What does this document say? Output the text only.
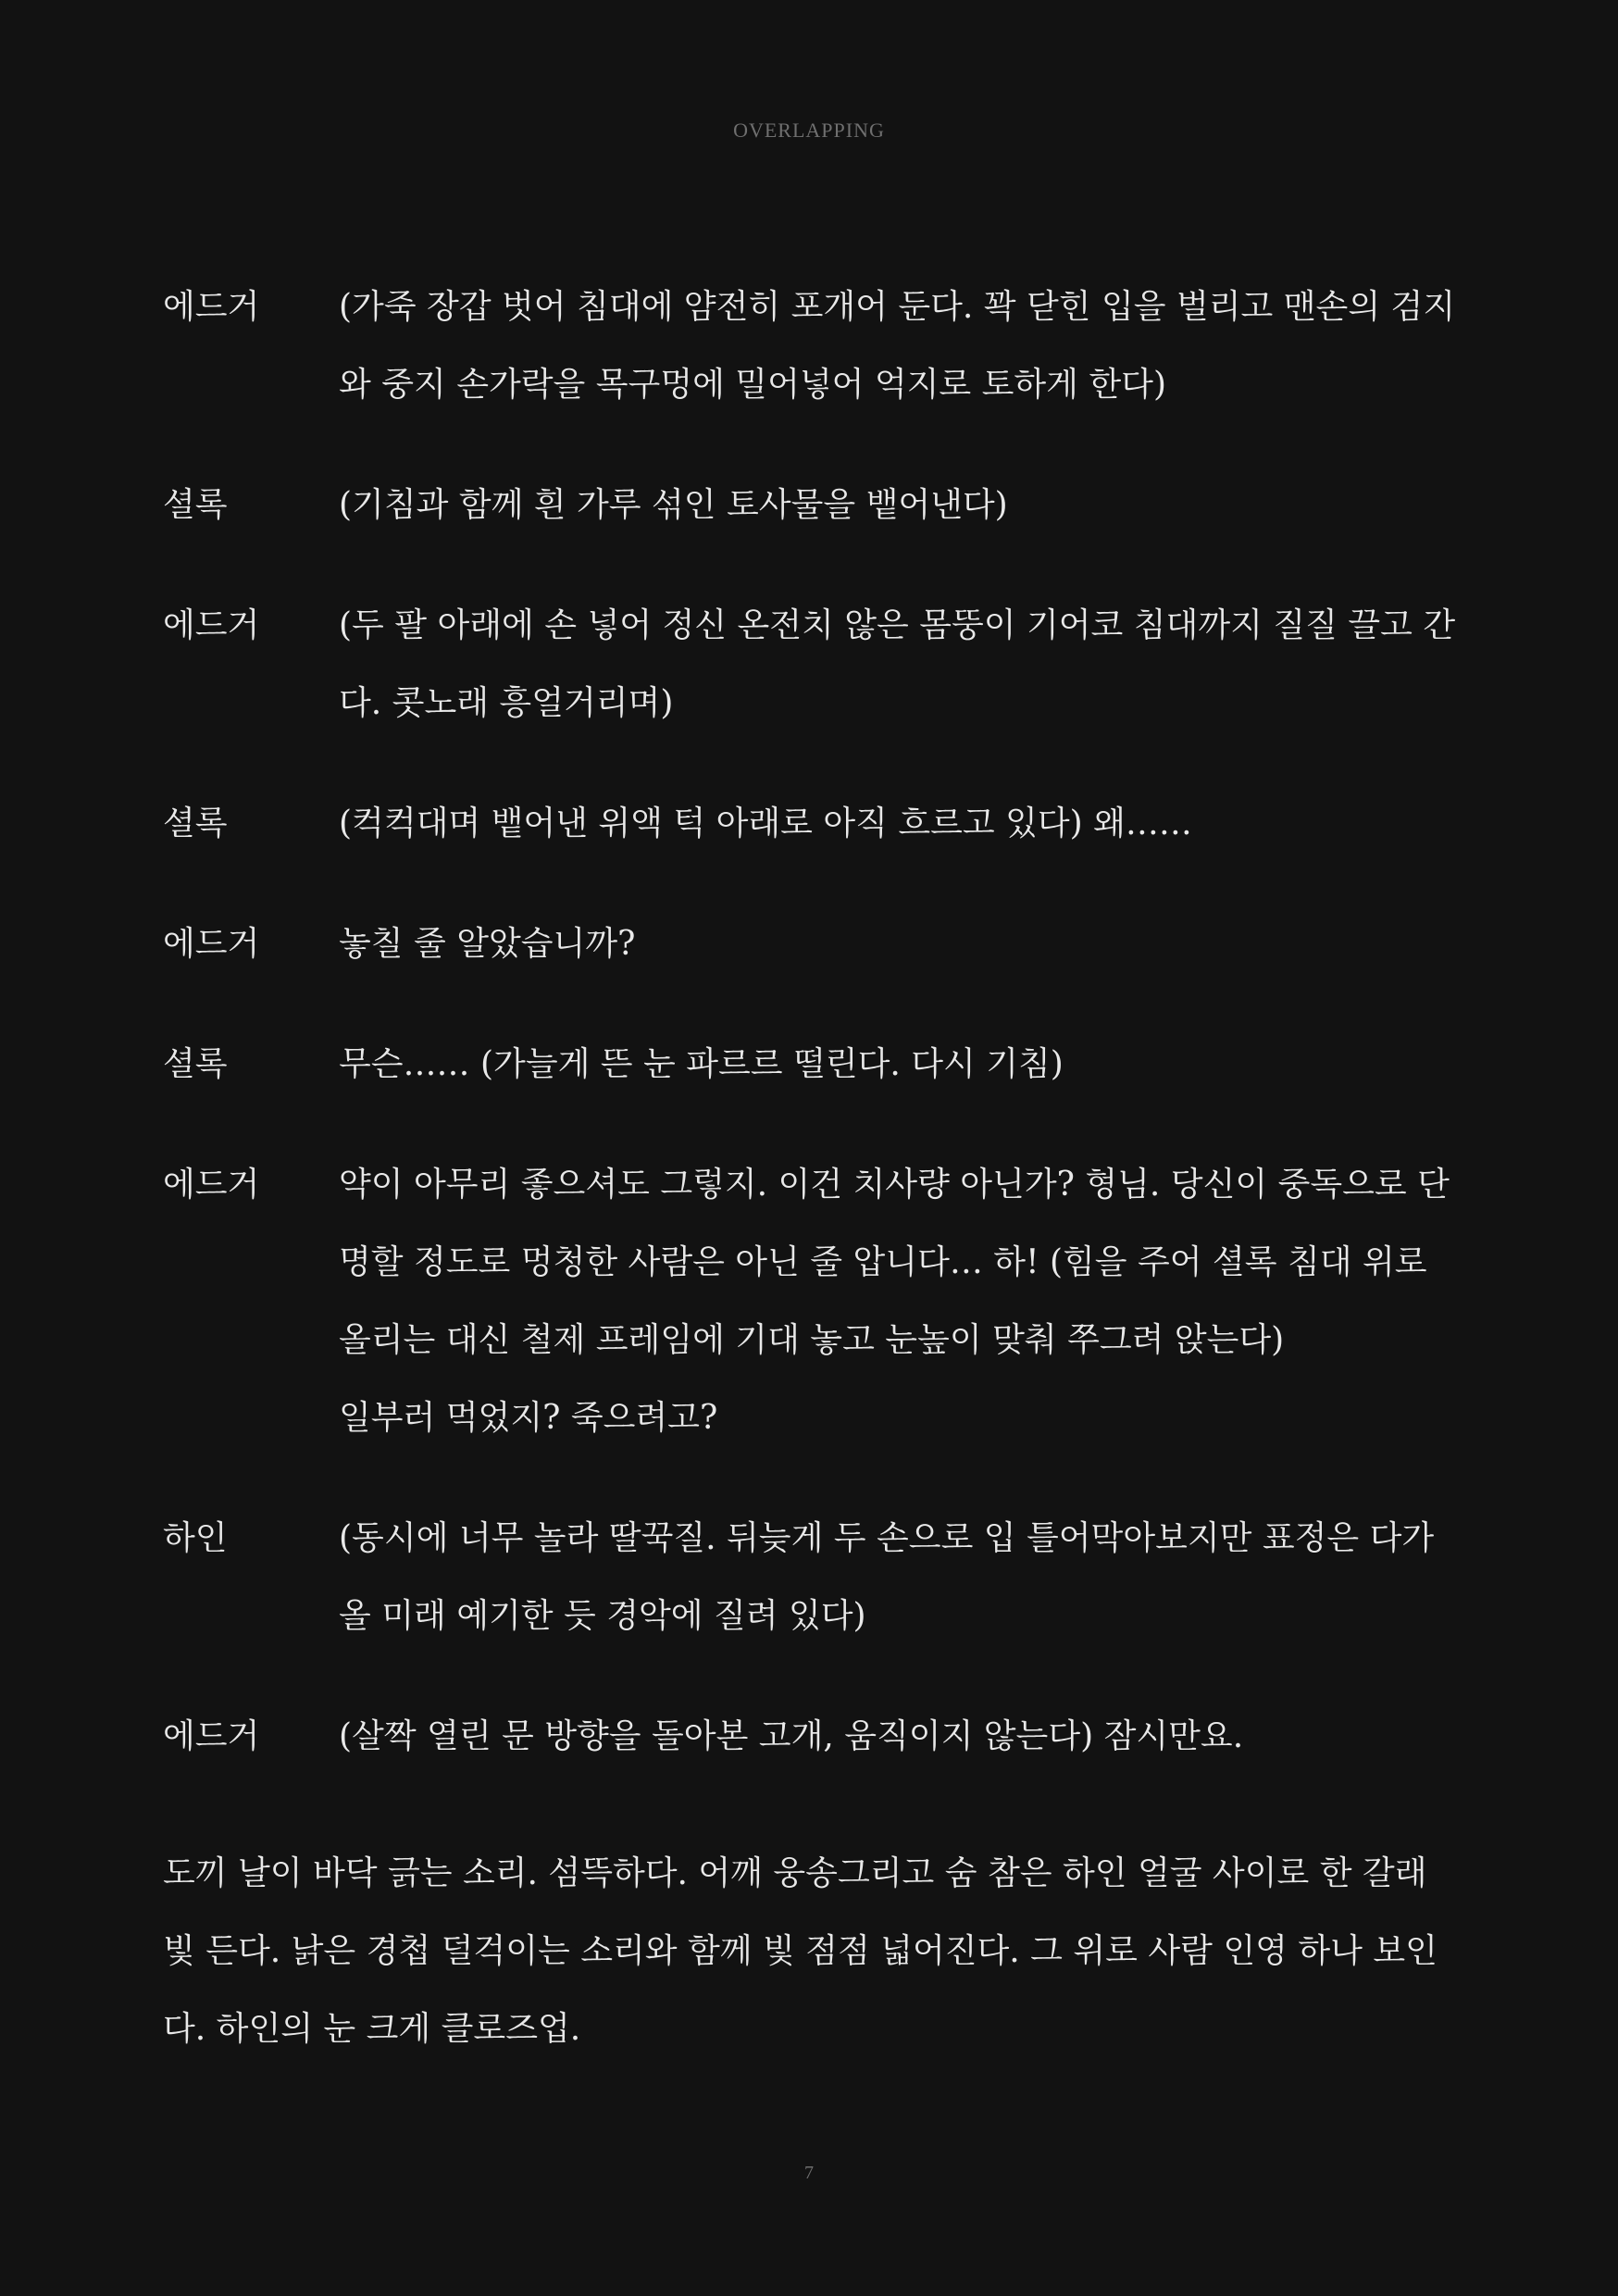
OVERLAPPING
에드거	(가죽 장갑 벗어 침대에 얌전히 포개어 둔다. 꽉 닫힌 입을 벌리고 맨손의 검지
와 중지 손가락을 목구멍에 밀어넣어 억지로 토하게 한다)
셜록	(기침과 함께 흰 가루 섞인 토사물을 뱉어낸다)
에드거	(두 팔 아래에 손 넣어 정신 온전치 않은 몸뚱이 기어코 침대까지 질질 끌고 간
다. 콧노래 흥얼거리며)
셜록	(컥컥대며 뱉어낸 위액 턱 아래로 아직 흐르고 있다) 왜……
에드거	놓칠 줄 알았습니까?
셜록	무슨…… (가늘게 뜬 눈 파르르 떨린다. 다시 기침)
에드거	약이 아무리 좋으셔도 그렇지. 이건 치사량 아닌가? 형님. 당신이 중독으로 단
명할 정도로 멍청한 사람은 아닌 줄 압니다… 하! (힘을 주어 셜록 침대 위로
올리는 대신 철제 프레임에 기대 놓고 눈높이 맞춰 쭈그려 앉는다)
일부러 먹었지? 죽으려고?
하인	(동시에 너무 놀라 딸꾹질. 뒤늦게 두 손으로 입 틀어막아보지만 표정은 다가
올 미래 예기한 듯 경악에 질려 있다)
에드거	(살짝 열린 문 방향을 돌아본 고개, 움직이지 않는다) 잠시만요.
도끼 날이 바닥 긁는 소리. 섬뜩하다. 어깨 웅송그리고 숨 참은 하인 얼굴 사이로 한 갈래
빛 든다. 낡은 경첩 덜걱이는 소리와 함께 빛 점점 넓어진다. 그 위로 사람 인영 하나 보인
다. 하인의 눈 크게 클로즈업.
7
